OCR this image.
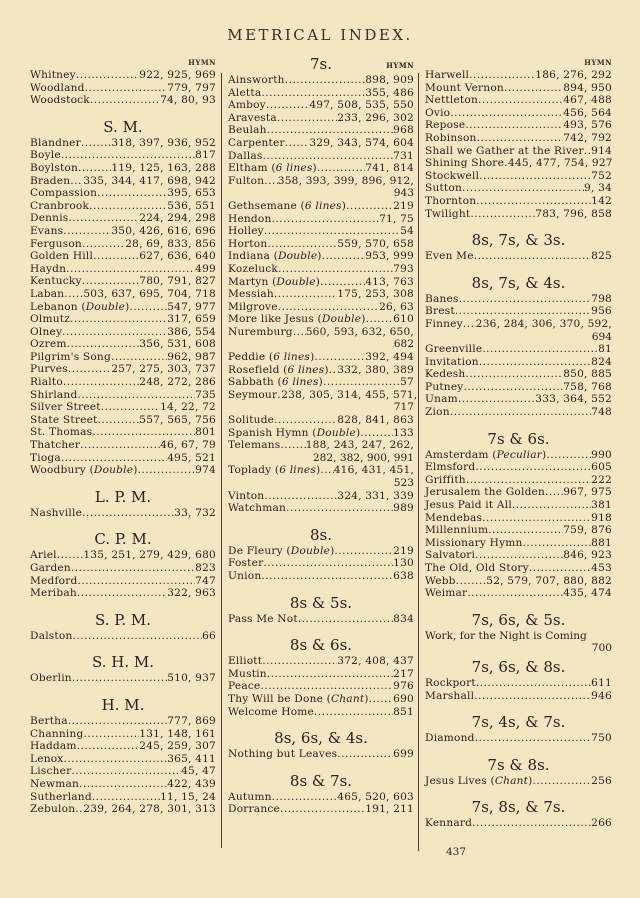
METRICAL INDEX.
HYMN
Whitney .....	922, 925, 969
Woodland .....	779, 797
Woodstock .....	74, 80, 93
S. M.
Blandner .....	318, 397, 936, 952
Boyle .....	817
Boylston .....	119, 125, 163, 288
Braden ..... 335, 344, 417, 698, 942
Compassion .....	395, 653
Cranbrook .....	536, 551
Dennis .....	224, 294, 298
Evans .....	350, 426, 616, 696
Ferguson .....	28, 69, 833, 856
Golden Hill .....	627, 636, 640
Haydn .....	499
Kentucky .....	780, 791, 827
Laban ..... 503, 637, 695, 704, 718
Lebanon (Double) .....	547, 977
Olmutz .....	317, 659
Olney .....	386, 554
Ozrem .....	356, 531, 608
Pilgrim's Song .....	962, 987
Purves .....	257, 275, 303, 737
Rialto .....	248, 272, 286
Shirland .....	735
Silver Street .....	14, 22, 72
State Street .....	557, 565, 756
St. Thomas .....	801
Thatcher .....	46, 67, 79
Tioga .....	495, 521
Woodbury (Double) .....	974
L. P. M.
Nashville .....	33, 732
C. P. M.
Ariel .....	135, 251, 279, 429, 680
Garden .....	823
Medford .....	747
Meribah .....	322, 963
S. P. M.
Dalston .....	66
S. H. M.
Oberlin .....	510, 937
H. M.
Bertha .....	777, 869
Channing .....	131, 148, 161
Haddam .....	245, 259, 307
Lenox .....	365, 411
Lischer .....	45, 47
Newman .....	422, 439
Sutherland .....	11, 15, 24
Zebulon ..... 239, 264, 278, 301, 313
7s.	HYMN
Ainsworth .....	898, 909
Aletta .....	355, 486
Amboy .....	497, 508, 535, 550
Aravesta .....	233, 296, 302
Beulah .....	968
Carpenter ..... 329, 343, 574, 604
Dallas .....	731
Eltham (6 lines) .....	741, 814
Fulton ..... 358, 393, 399, 896, 912,
943
Gethsemane (6 lines) .....	219
Hendon .....	71, 75
Holley .....	54
Horton .....	559, 570, 658
Indiana (Double) .....	953, 999
Kozeluck .....	793
Martyn (Double) .....	413, 763
Messiah .....	175, 253, 308
Milgrove .....	26, 63
More like Jesus (Double) .....	610
Nuremburg ..... 560, 593, 632, 650,
682
Peddie (6 lines) .....	392, 494
Rosefield (6 lines) ..... 332, 380, 389
Sabbath (6 lines) .....	57
Seymour ..... 238, 305, 314, 455, 571,
717
Solitude .....	828, 841, 863
Spanish Hymn (Double) .....	133
Telemans ..... 188, 243, 247, 262,
282, 382, 900, 991
Toplady (6 lines) ..... 416, 431, 451,
523
Vinton .....	324, 331, 339
Watchman .....	989
8s.
De Fleury (Double) .....	219
Foster .....	130
Union .....	638
8s & 5s.
Pass Me Not .....	834
8s & 6s.
Elliott .....	372, 408, 437
Mustin .....	217
Peace .....	976
Thy Will be Done (Chant) ..... 690
Welcome Home .....	851
8s, 6s, & 4s.
Nothing but Leaves .....	699
8s & 7s.
Autumn .....	465, 520, 603
Dorrance .....	191, 211
HYMN
Harwell .....	186, 276, 292
Mount Vernon .....	894, 950
Nettleton .....	467, 488
Ovio .....	456, 564
Repose .....	493, 576
Robinson .....	742, 792
Shall we Gather at the River ..... 914
Shining Shore ..... 445, 477, 754, 927
Stockwell .....	752
Sutton .....	9, 34
Thornton .....	142
Twilight .....	783, 796, 858
8s, 7s, & 3s.
Even Me .....	825
8s, 7s, & 4s.
Banes .....	798
Brest .....	956
Finney ..... 236, 284, 306, 370, 592,
694
Greenville .....	81
Invitation .....	824
Kedesh .....	850, 885
Putney .....	758, 768
Unam .....	333, 364, 552
Zion .....	748
7s & 6s.
Amsterdam (Peculiar) .....	990
Elmsford .....	605
Griffith .....	222
Jerusalem the Golden ..... 967, 975
Jesus Paid it All .....	381
Mendebas .....	918
Millennium .....	759, 876
Missionary Hymn .....	881
Salvatori .....	846, 923
The Old, Old Story .....	453
Webb .....	52, 579, 707, 880, 882
Weimar .....	435, 474
7s, 6s, & 5s.
Work, for the Night is Coming
700
7s, 6s, & 8s.
Rockport .....	611
Marshall .....	946
7s, 4s, & 7s.
Diamond .....	750
7s & 8s.
Jesus Lives (Chant) .....	256
7s, 8s, & 7s.
Kennard .....	266
437
